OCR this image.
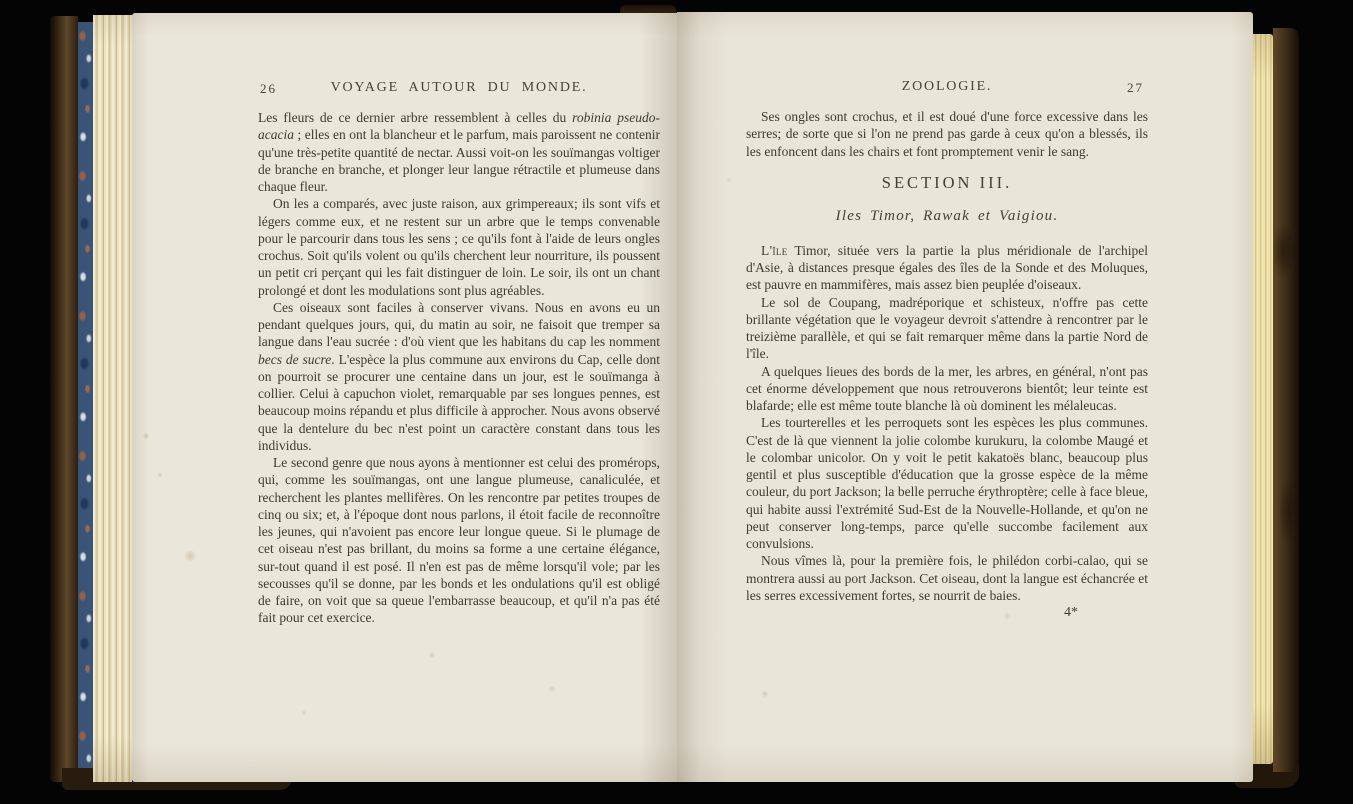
26	VOYAGE AUTOUR DU MONDE.

Les fleurs de ce dernier arbre ressemblent à celles du robinia pseudo-acacia ; elles en ont la blancheur et le parfum, mais paroissent ne contenir qu'une très-petite quantité de nectar. Aussi voit-on les souïmangas voltiger de branche en branche, et plonger leur langue rétractile et plumeuse dans chaque fleur.

On les a comparés, avec juste raison, aux grimpereaux; ils sont vifs et légers comme eux, et ne restent sur un arbre que le temps convenable pour le parcourir dans tous les sens ; ce qu'ils font à l'aide de leurs ongles crochus. Soit qu'ils volent ou qu'ils cherchent leur nourriture, ils poussent un petit cri perçant qui les fait distinguer de loin. Le soir, ils ont un chant prolongé et dont les modulations sont plus agréables.

Ces oiseaux sont faciles à conserver vivans. Nous en avons eu un pendant quelques jours, qui, du matin au soir, ne faisoit que tremper sa langue dans l'eau sucrée : d'où vient que les habitans du cap les nomment becs de sucre. L'espèce la plus commune aux environs du Cap, celle dont on pourroit se procurer une centaine dans un jour, est le souïmanga à collier. Celui à capuchon violet, remarquable par ses longues pennes, est beaucoup moins répandu et plus difficile à approcher. Nous avons observé que la dentelure du bec n'est point un caractère constant dans tous les individus.

Le second genre que nous ayons à mentionner est celui des promérops, qui, comme les souïmangas, ont une langue plumeuse, canaliculée, et recherchent les plantes mellifères. On les rencontre par petites troupes de cinq ou six; et, à l'époque dont nous parlons, il étoit facile de reconnoître les jeunes, qui n'avoient pas encore leur longue queue. Si le plumage de cet oiseau n'est pas brillant, du moins sa forme a une certaine élégance, sur-tout quand il est posé. Il n'en est pas de même lorsqu'il vole; par les secousses qu'il se donne, par les bonds et les ondulations qu'il est obligé de faire, on voit que sa queue l'embarrasse beaucoup, et qu'il n'a pas été fait pour cet exercice.

27
ZOOLOGIE.

Ses ongles sont crochus, et il est doué d'une force excessive dans les serres; de sorte que si l'on ne prend pas garde à ceux qu'on a blessés, ils les enfoncent dans les chairs et font promptement venir le sang.

SECTION III.
Iles Timor, Rawak et Vaigiou.

L'île Timor, située vers la partie la plus méridionale de l'archipel d'Asie, à distances presque égales des îles de la Sonde et des Moluques, est pauvre en mammifères, mais assez bien peuplée d'oiseaux.

Le sol de Coupang, madréporique et schisteux, n'offre pas cette brillante végétation que le voyageur devroit s'attendre à rencontrer par le treizième parallèle, et qui se fait remarquer même dans la partie Nord de l'île.

A quelques lieues des bords de la mer, les arbres, en général, n'ont pas cet énorme développement que nous retrouverons bientôt; leur teinte est blafarde; elle est même toute blanche là où dominent les mélaleucas.

Les tourterelles et les perroquets sont les espèces les plus communes. C'est de là que viennent la jolie colombe kurukuru, la colombe Maugé et le colombar unicolor. On y voit le petit kakatoës blanc, beaucoup plus gentil et plus susceptible d'éducation que la grosse espèce de la même couleur, du port Jackson; la belle perruche érythroptère; celle à face bleue, qui habite aussi l'extrémité Sud-Est de la Nouvelle-Hollande, et qu'on ne peut conserver long-temps, parce qu'elle succombe facilement aux convulsions.

Nous vîmes là, pour la première fois, le philédon corbi-calao, qui se montrera aussi au port Jackson. Cet oiseau, dont la langue est échancrée et les serres excessivement fortes, se nourrit de baies.

4*
